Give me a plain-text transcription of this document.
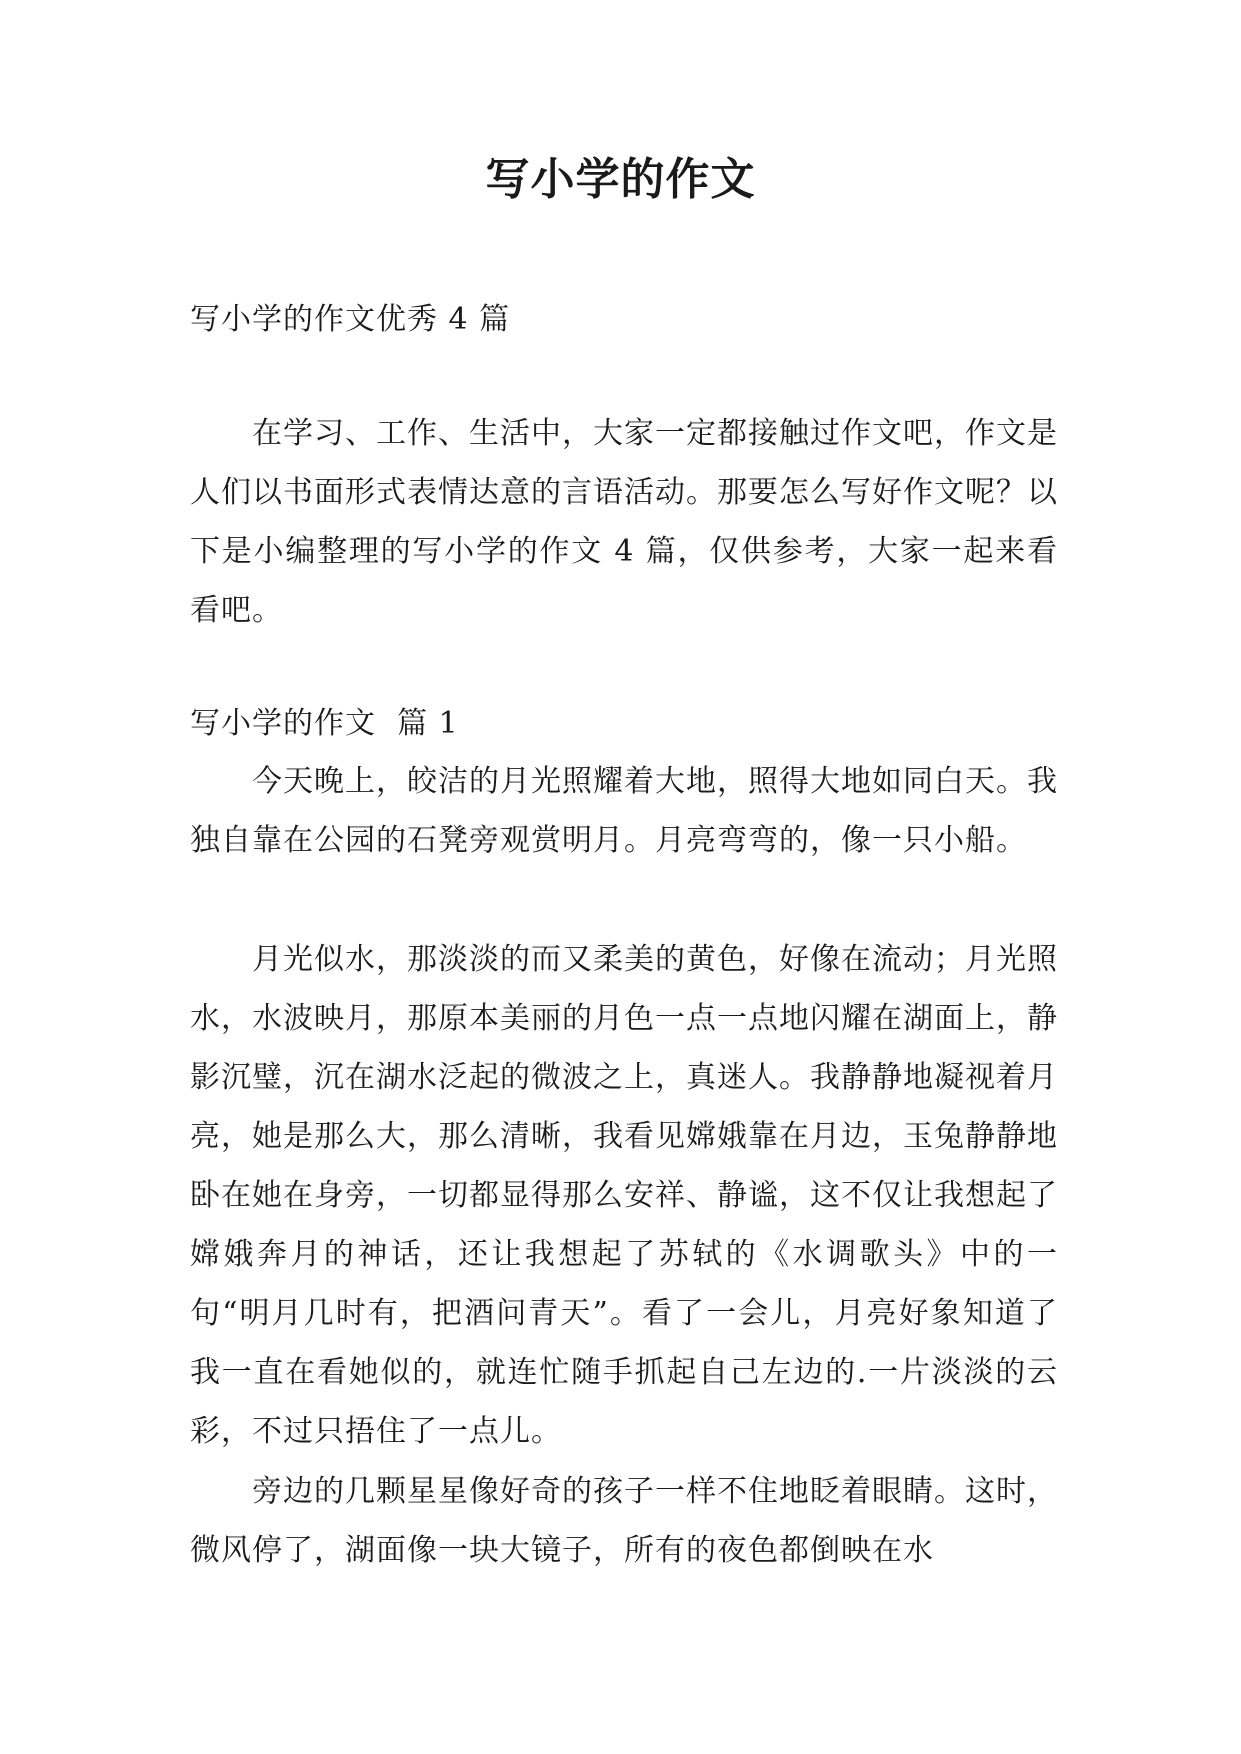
写小学的作文

写小学的作文优秀 4 篇

在学习、工作、生活中，大家一定都接触过作文吧，作文是人们以书面形式表情达意的言语活动。那要怎么写好作文呢？以下是小编整理的写小学的作文 4 篇，仅供参考，大家一起来看看吧。

写小学的作文  篇 1

今天晚上，皎洁的月光照耀着大地，照得大地如同白天。我独自靠在公园的石凳旁观赏明月。月亮弯弯的，像一只小船。

月光似水，那淡淡的而又柔美的黄色，好像在流动；月光照水，水波映月，那原本美丽的月色一点一点地闪耀在湖面上，静影沉璧，沉在湖水泛起的微波之上，真迷人。我静静地凝视着月亮，她是那么大，那么清晰，我看见嫦娥靠在月边，玉兔静静地卧在她在身旁，一切都显得那么安祥、静谧，这不仅让我想起了嫦娥奔月的神话，还让我想起了苏轼的《水调歌头》中的一句“明月几时有，把酒问青天”。看了一会儿，月亮好象知道了我一直在看她似的，就连忙随手抓起自己左边的.一片淡淡的云彩，不过只捂住了一点儿。

旁边的几颗星星像好奇的孩子一样不住地眨着眼睛。这时，微风停了，湖面像一块大镜子，所有的夜色都倒映在水
